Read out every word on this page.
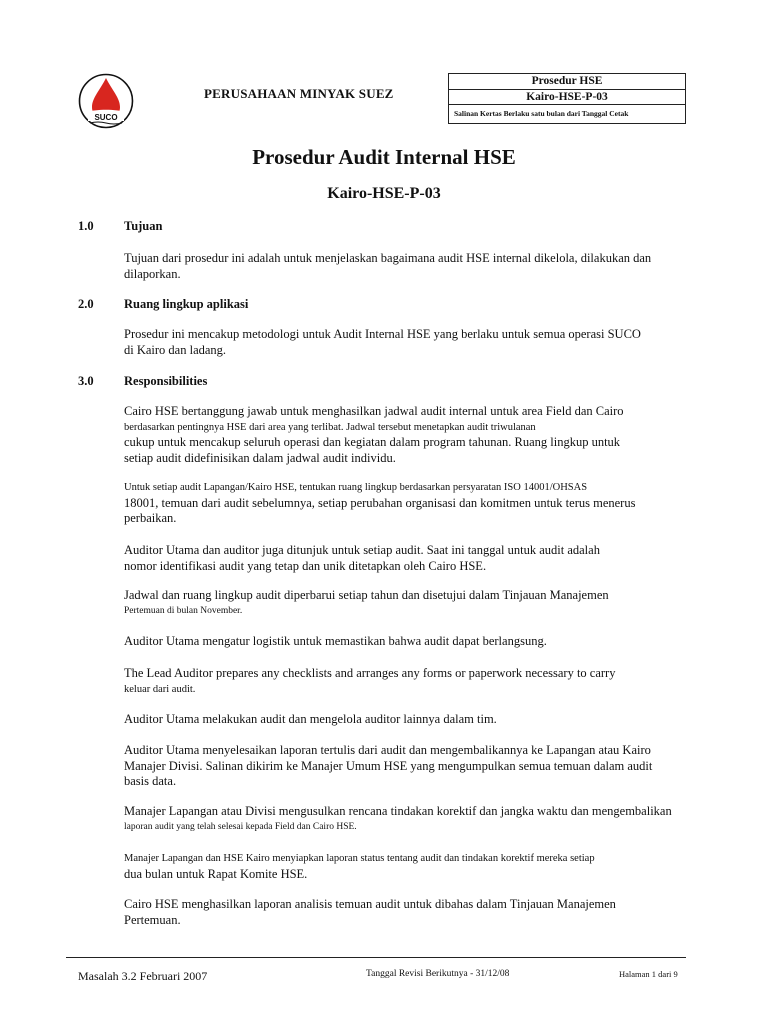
SUCO
PERUSAHAAN MINYAK SUEZ
Prosedur HSE
Kairo-HSE-P-03
Salinan Kertas Berlaku satu bulan dari Tanggal Cetak
Prosedur Audit Internal HSE
Kairo-HSE-P-03
1.0 Tujuan
Tujuan dari prosedur ini adalah untuk menjelaskan bagaimana audit HSE internal dikelola, dilakukan dan
dilaporkan.
2.0 Ruang lingkup aplikasi
Prosedur ini mencakup metodologi untuk Audit Internal HSE yang berlaku untuk semua operasi SUCO
di Kairo dan ladang.
3.0 Responsibilities
Cairo HSE bertanggung jawab untuk menghasilkan jadwal audit internal untuk area Field dan Cairo
berdasarkan pentingnya HSE dari area yang terlibat. Jadwal tersebut menetapkan audit triwulanan
cukup untuk mencakup seluruh operasi dan kegiatan dalam program tahunan. Ruang lingkup untuk
setiap audit didefinisikan dalam jadwal audit individu.
Untuk setiap audit Lapangan/Kairo HSE, tentukan ruang lingkup berdasarkan persyaratan ISO 14001/OHSAS
18001, temuan dari audit sebelumnya, setiap perubahan organisasi dan komitmen untuk terus menerus
perbaikan.
Auditor Utama dan auditor juga ditunjuk untuk setiap audit. Saat ini tanggal untuk audit adalah
nomor identifikasi audit yang tetap dan unik ditetapkan oleh Cairo HSE.
Jadwal dan ruang lingkup audit diperbarui setiap tahun dan disetujui dalam Tinjauan Manajemen
Pertemuan di bulan November.
Auditor Utama mengatur logistik untuk memastikan bahwa audit dapat berlangsung.
The Lead Auditor prepares any checklists and arranges any forms or paperwork necessary to carry
keluar dari audit.
Auditor Utama melakukan audit dan mengelola auditor lainnya dalam tim.
Auditor Utama menyelesaikan laporan tertulis dari audit dan mengembalikannya ke Lapangan atau Kairo
Manajer Divisi. Salinan dikirim ke Manajer Umum HSE yang mengumpulkan semua temuan dalam audit
basis data.
Manajer Lapangan atau Divisi mengusulkan rencana tindakan korektif dan jangka waktu dan mengembalikan
laporan audit yang telah selesai kepada Field dan Cairo HSE.
Manajer Lapangan dan HSE Kairo menyiapkan laporan status tentang audit dan tindakan korektif mereka setiap
dua bulan untuk Rapat Komite HSE.
Cairo HSE menghasilkan laporan analisis temuan audit untuk dibahas dalam Tinjauan Manajemen
Pertemuan.
Masalah 3.2 Februari 2007	Tanggal Revisi Berikutnya - 31/12/08	Halaman 1 dari 9
